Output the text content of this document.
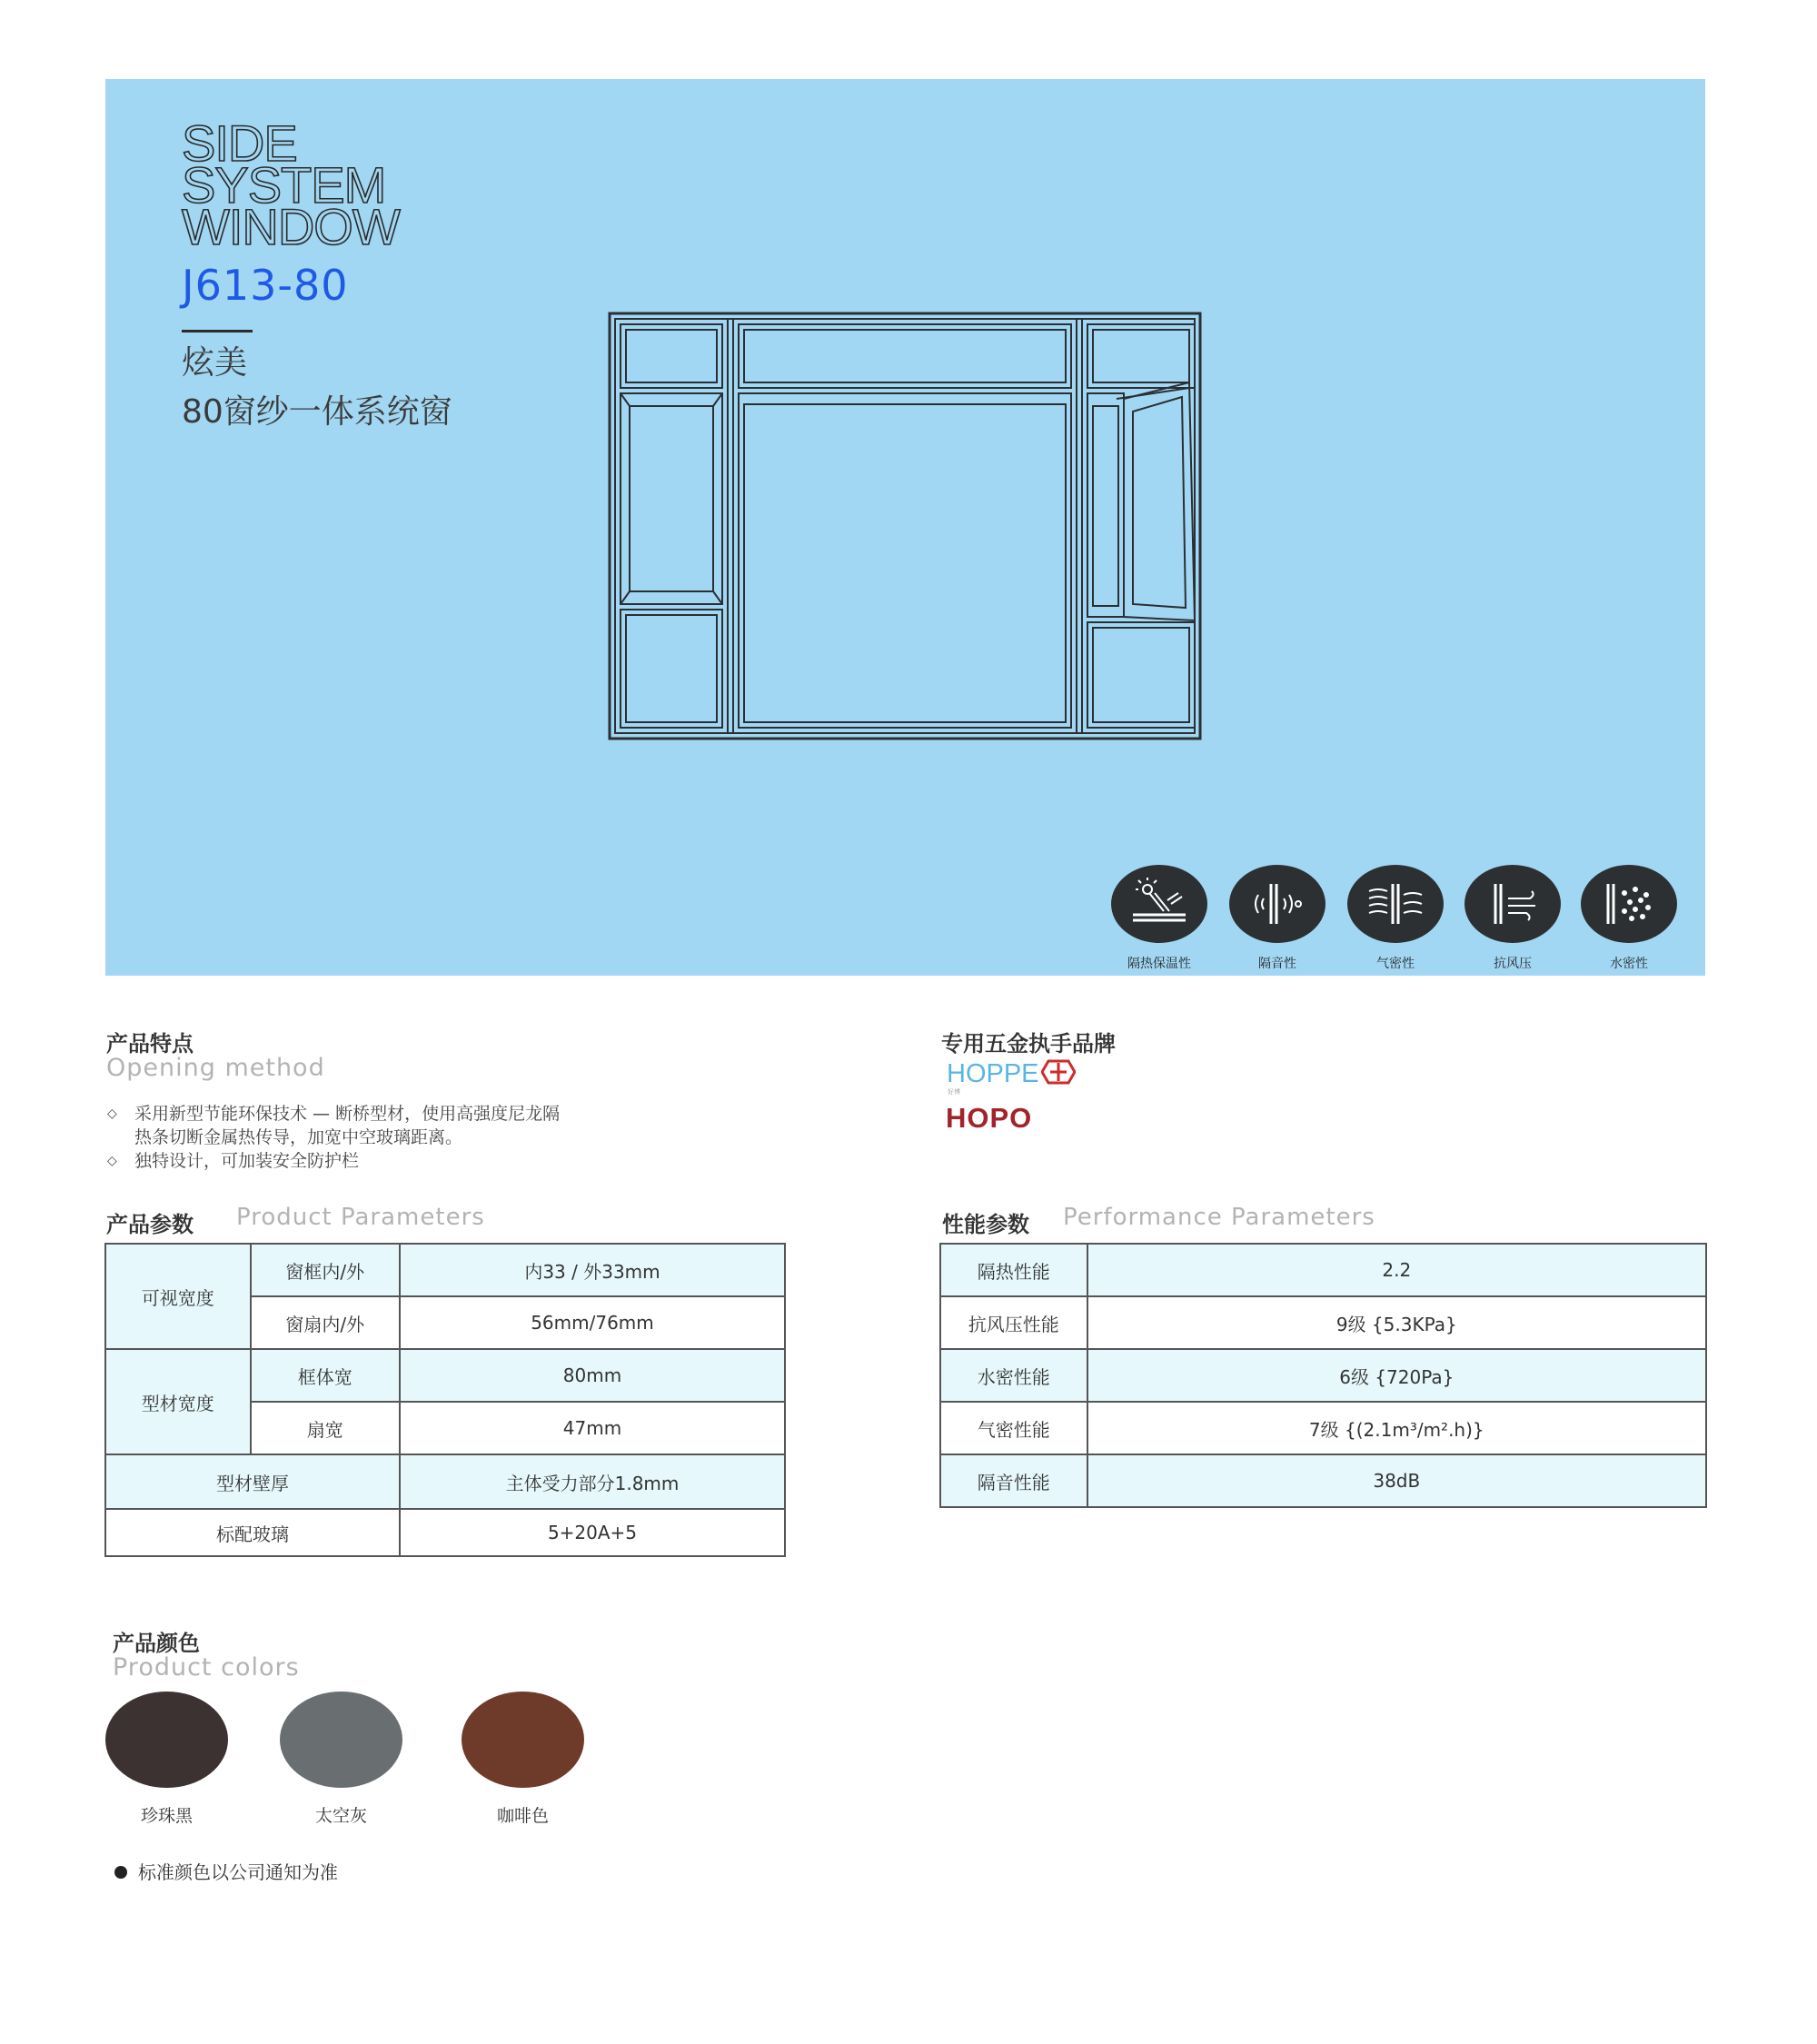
SIDE
SYSTEM
WINDOW
J613-80
炫美
80窗纱一体系统窗
隔热保温性	隔音性	气密性	抗风压	水密性
产品特点
Opening method
◇ 采用新型节能环保技术 — 断桥型材，使用高强度尼龙隔
热条切断金属热传导，加宽中空玻璃距离。
◇ 独特设计，可加装安全防护栏
专用五金执手品牌
HOPPE
好博
HOPO
产品参数 Product Parameters
可视宽度	窗框内/外	内33 / 外33mm
	窗扇内/外	56mm/76mm
型材宽度	框体宽	80mm
	扇宽	47mm
型材壁厚		主体受力部分1.8mm
标配玻璃		5+20A+5
性能参数 Performance Parameters
隔热性能	2.2
抗风压性能	9级 {5.3KPa}
水密性能	6级 {720Pa}
气密性能	7级 {(2.1m³/m².h)}
隔音性能	38dB
产品颜色
Product colors
珍珠黑	太空灰	咖啡色
标准颜色以公司通知为准
